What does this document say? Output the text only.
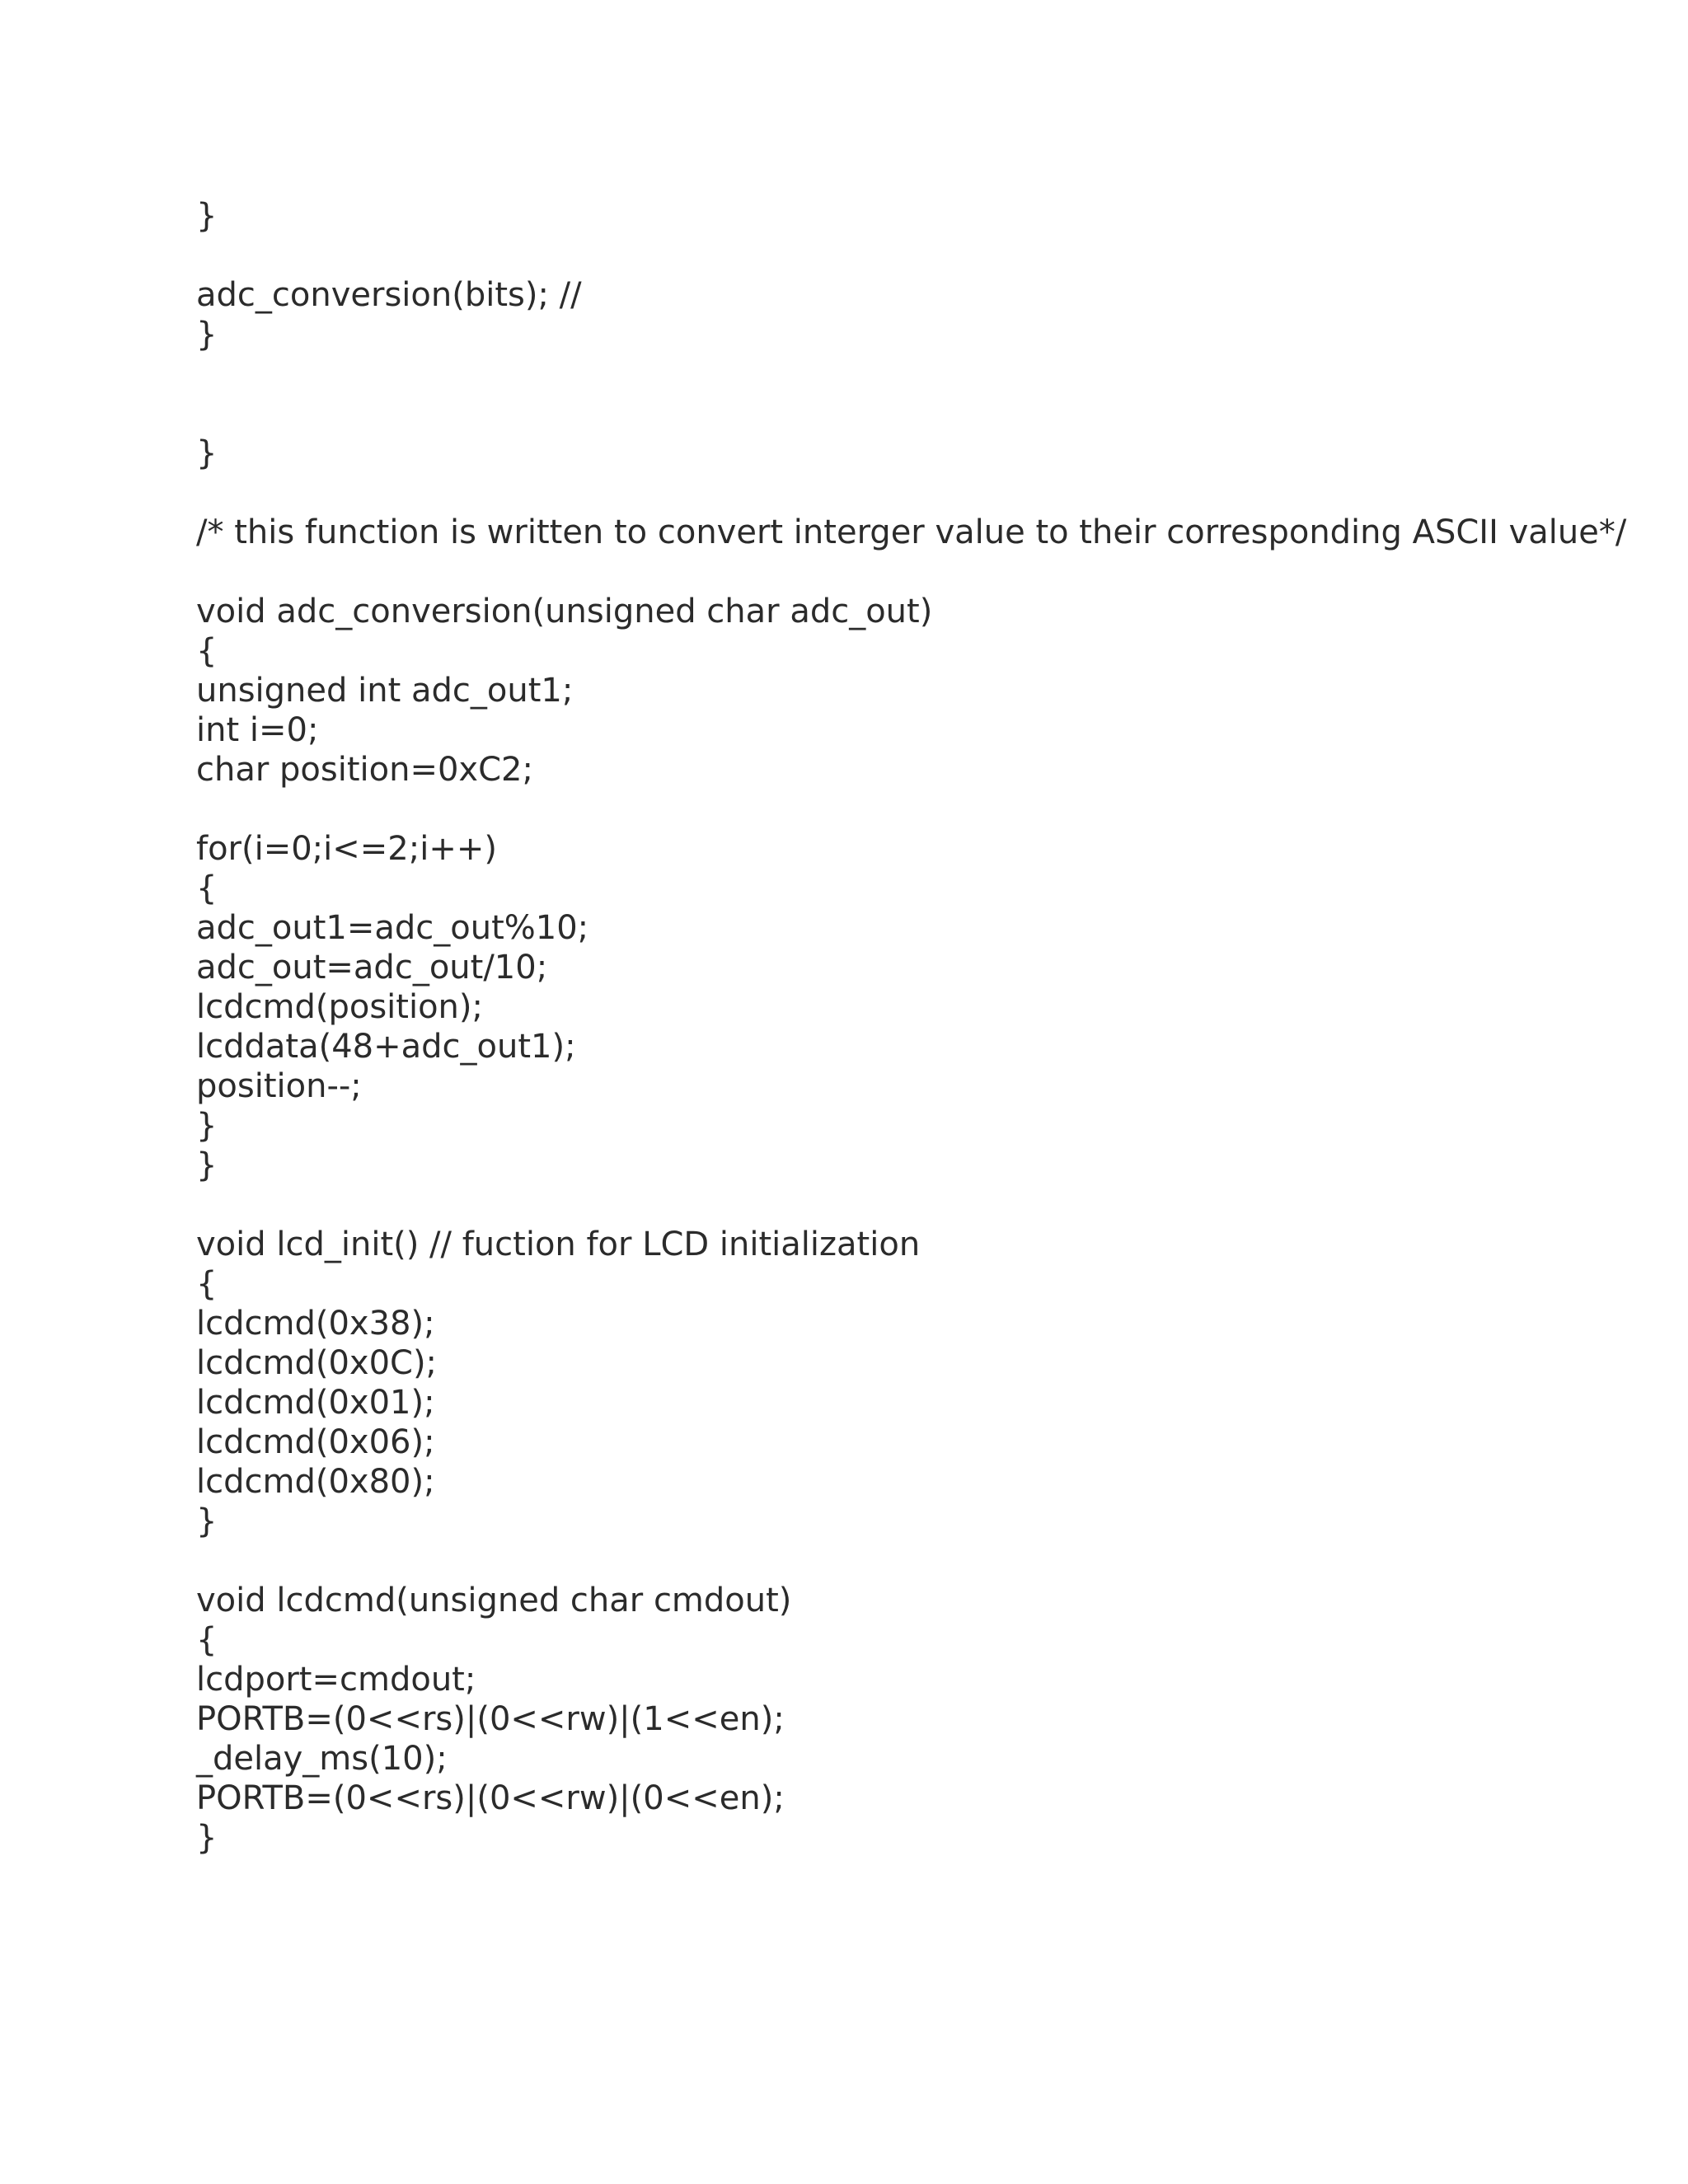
}
adc_conversion(bits); //
}
}
/* this function is written to convert interger value to their corresponding ASCII value*/
void adc_conversion(unsigned char adc_out)
{
unsigned int adc_out1;
int i=0;
char position=0xC2;
for(i=0;i<=2;i++)
{
adc_out1=adc_out%10;
adc_out=adc_out/10;
lcdcmd(position);
lcddata(48+adc_out1);
position--;
}
}
void lcd_init() // fuction for LCD initialization
{
lcdcmd(0x38);
lcdcmd(0x0C);
lcdcmd(0x01);
lcdcmd(0x06);
lcdcmd(0x80);
}
void lcdcmd(unsigned char cmdout)
{
lcdport=cmdout;
PORTB=(0<<rs)|(0<<rw)|(1<<en);
_delay_ms(10);
PORTB=(0<<rs)|(0<<rw)|(0<<en);
}
